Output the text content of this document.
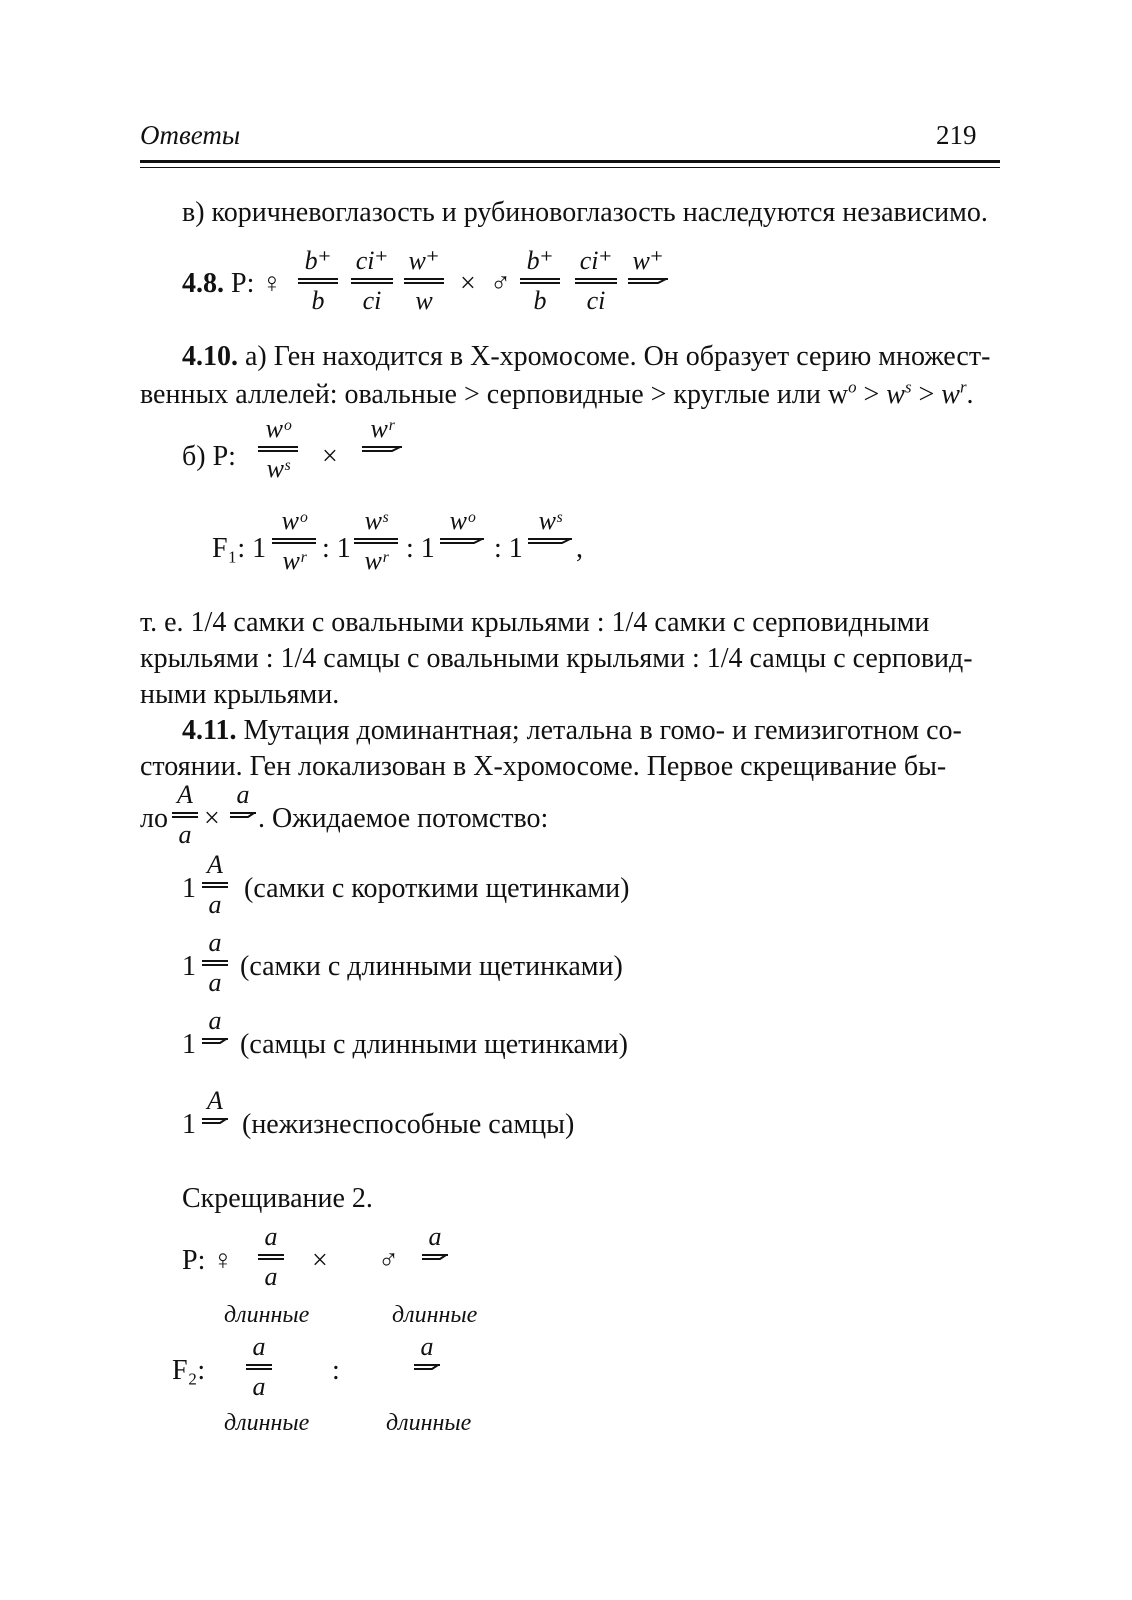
Ответы	219
в) коричневоглазость и рубиновоглазость наследуются независимо.
4.8. P: ♀
b⁺
b
ci⁺
ci
w⁺
w
× ♂
b⁺
b
ci⁺
ci
w⁺
4.10. а) Ген находится в X-хромосоме. Он образует серию множест-
венных аллелей: овальные > серповидные > круглые или $w^o > w^s > w^r$.
б) P:
wᵒ
wˢ	×
wʳ
F₁: 1
wᵒ
wʳ : 1
wˢ
wʳ : 1
wᵒ
: 1
wˢ
,
т. е. 1/4 самки с овальными крыльями : 1/4 самки с серповидными
крыльями : 1/4 самцы с овальными крыльями : 1/4 самцы с серповид-
ными крыльями.
4.11. Мутация доминантная; летальна в гомо- и гемизиготном со-
стоянии. Ген локализован в X-хромосоме. Первое скрещивание бы-
ло
A
a
×
a
. Ожидаемое потомство:
1
A
a
(самки с короткими щетинками)
1
a
a
(самки с длинными щетинками)
1
a
(самцы с длинными щетинками)
1
A
(нежизнеспособные самцы)
Скрещивание 2.
P: ♀
a
a
× ♂
a
длинные	длинные
F₂:
a
a
:
a
длинные	длинные
